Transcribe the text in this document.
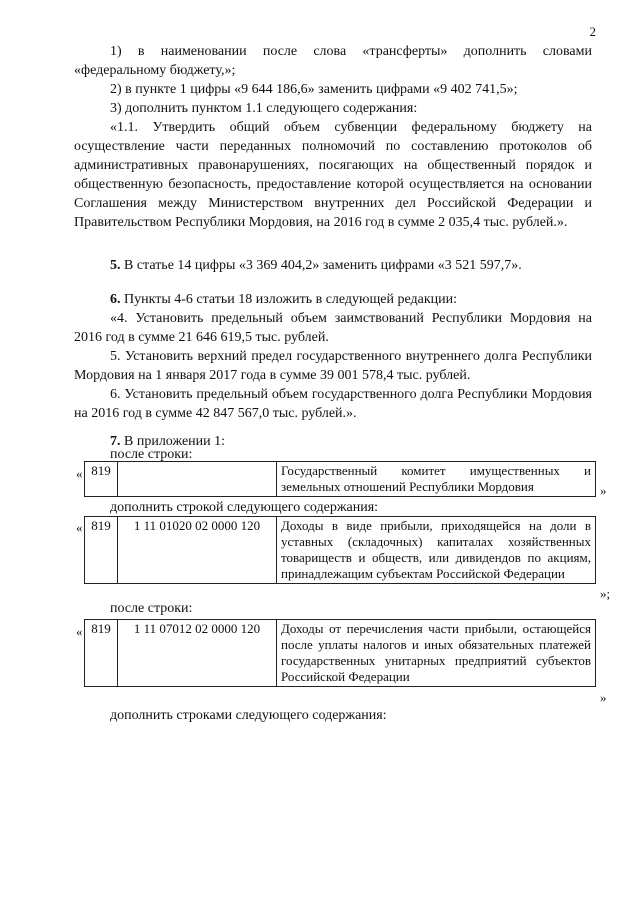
2

1) в наименовании после слова «трансферты» дополнить словами «федеральному бюджету,»;

2) в пункте 1 цифры «9 644 186,6» заменить цифрами «9 402 741,5»;

3) дополнить пунктом 1.1 следующего содержания:

«1.1. Утвердить общий объем субвенции федеральному бюджету на осуществление части переданных полномочий по составлению протоколов об административных правонарушениях, посягающих на общественный порядок и общественную безопасность, предоставление которой осуществляется на основании Соглашения между Министерством внутренних дел Российской Федерации и Правительством Республики Мордовия, на 2016 год в сумме 2 035,4 тыс. рублей.».

5. В статье 14 цифры «3 369 404,2» заменить цифрами «3 521 597,7».

6. Пункты 4-6 статьи 18 изложить в следующей редакции:

«4. Установить предельный объем заимствований Республики Мордовия на 2016 год в сумме 21 646 619,5 тыс. рублей.

5. Установить верхний предел государственного внутреннего долга Республики Мордовия на 1 января 2017 года в сумме 39 001 578,4 тыс. рублей.

6. Установить предельный объем государственного долга Республики Мордовия на 2016 год в сумме 42 847 567,0 тыс. рублей.».

7. В приложении 1:

после строки:
« 819		Государственный комитет имущественных и земельных отношений Республики Мордовия	»
дополнить строкой следующего содержания:
« 819	1 11 01020 02 0000 120	Доходы в виде прибыли, приходящейся на доли в уставных (складочных) капиталах хозяйственных товариществ и обществ, или дивидендов по акциям, принадлежащим субъектам Российской Федерации
»;
после строки:
« 819	1 11 07012 02 0000 120	Доходы от перечисления части прибыли, остающейся после уплаты налогов и иных обязательных платежей государственных унитарных предприятий субъектов Российской Федерации
»
дополнить строками следующего содержания:
